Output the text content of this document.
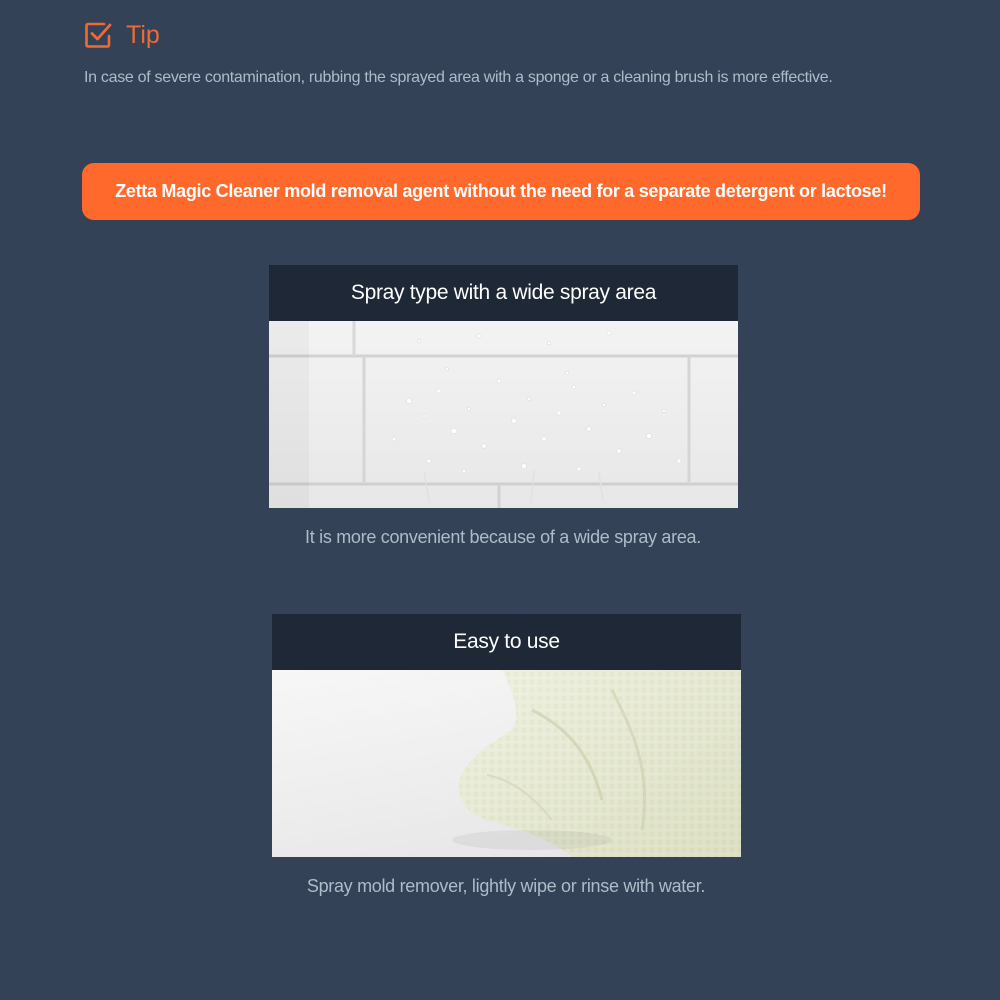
Tip
In case of severe contamination, rubbing the sprayed area with a sponge or a cleaning brush is more effective.
Zetta Magic Cleaner mold removal agent without the need for a separate detergent or lactose!
Spray type with a wide spray area
It is more convenient because of a wide spray area.
Easy to use
Spray mold remover, lightly wipe or rinse with water.
